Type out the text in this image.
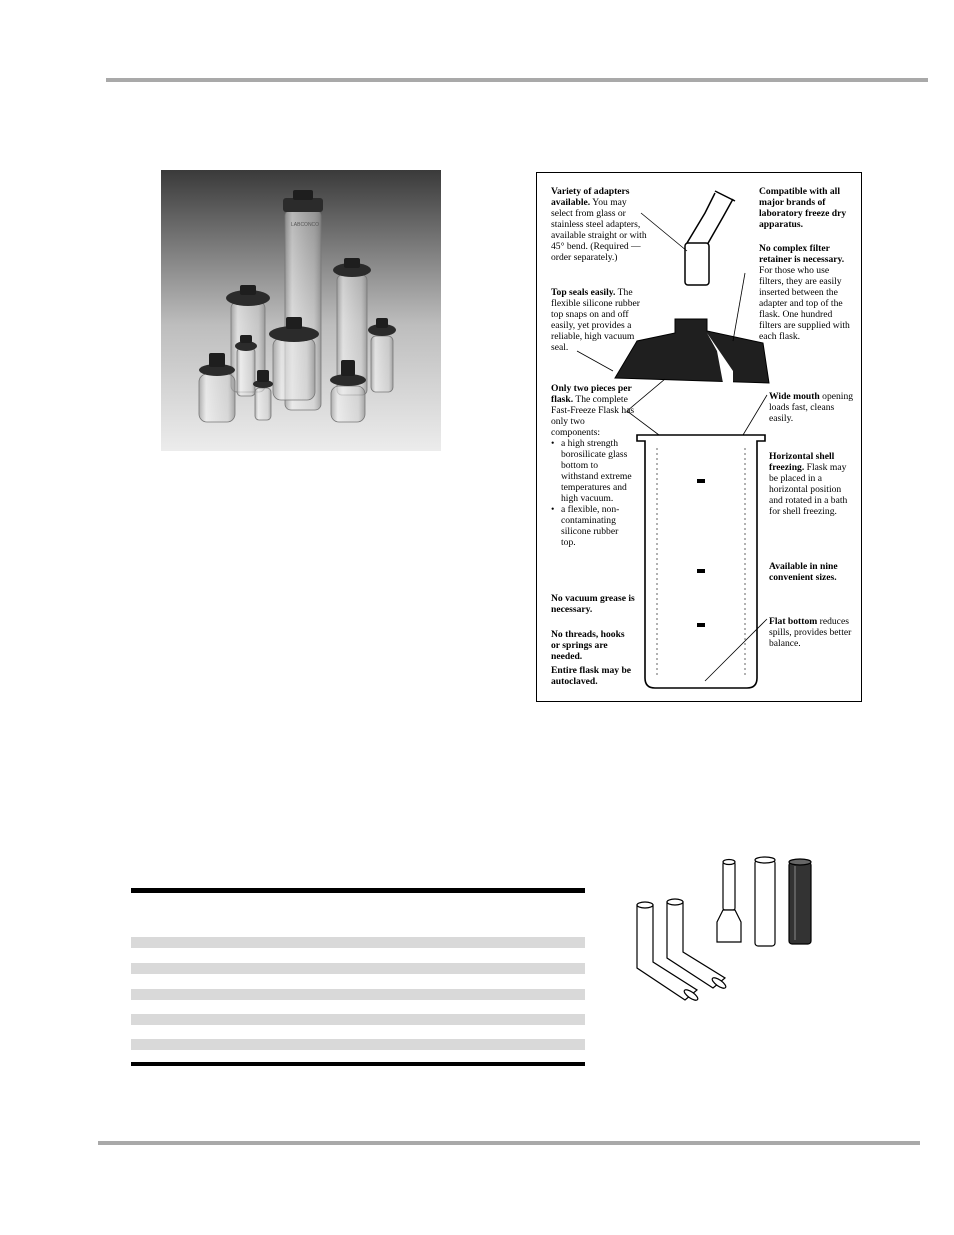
LABCONCO
Variety of adapters available. You may select from glass or stainless steel adapters, available straight or with 45° bend. (Required — order separately.)
Top seals easily. The flexible silicone rubber top snaps on and off easily, yet provides a reliable, high vacuum seal.
Only two pieces per flask. The complete Fast-Freeze Flask has only two components:
• a high strength borosilicate glass bottom to withstand extreme temperatures and high vacuum.
• a flexible, non-contaminating silicone rubber top.
No vacuum grease is necessary.
No threads, hooks or springs are needed.
Entire flask may be autoclaved.
Compatible with all major brands of laboratory freeze dry apparatus.
No complex filter retainer is necessary. For those who use filters, they are easily inserted between the adapter and top of the flask. One hundred filters are supplied with each flask.
Wide mouth opening loads fast, cleans easily.
Horizontal shell freezing. Flask may be placed in a horizontal position and rotated in a bath for shell freezing.
Available in nine convenient sizes.
Flat bottom reduces spills, provides better balance.
